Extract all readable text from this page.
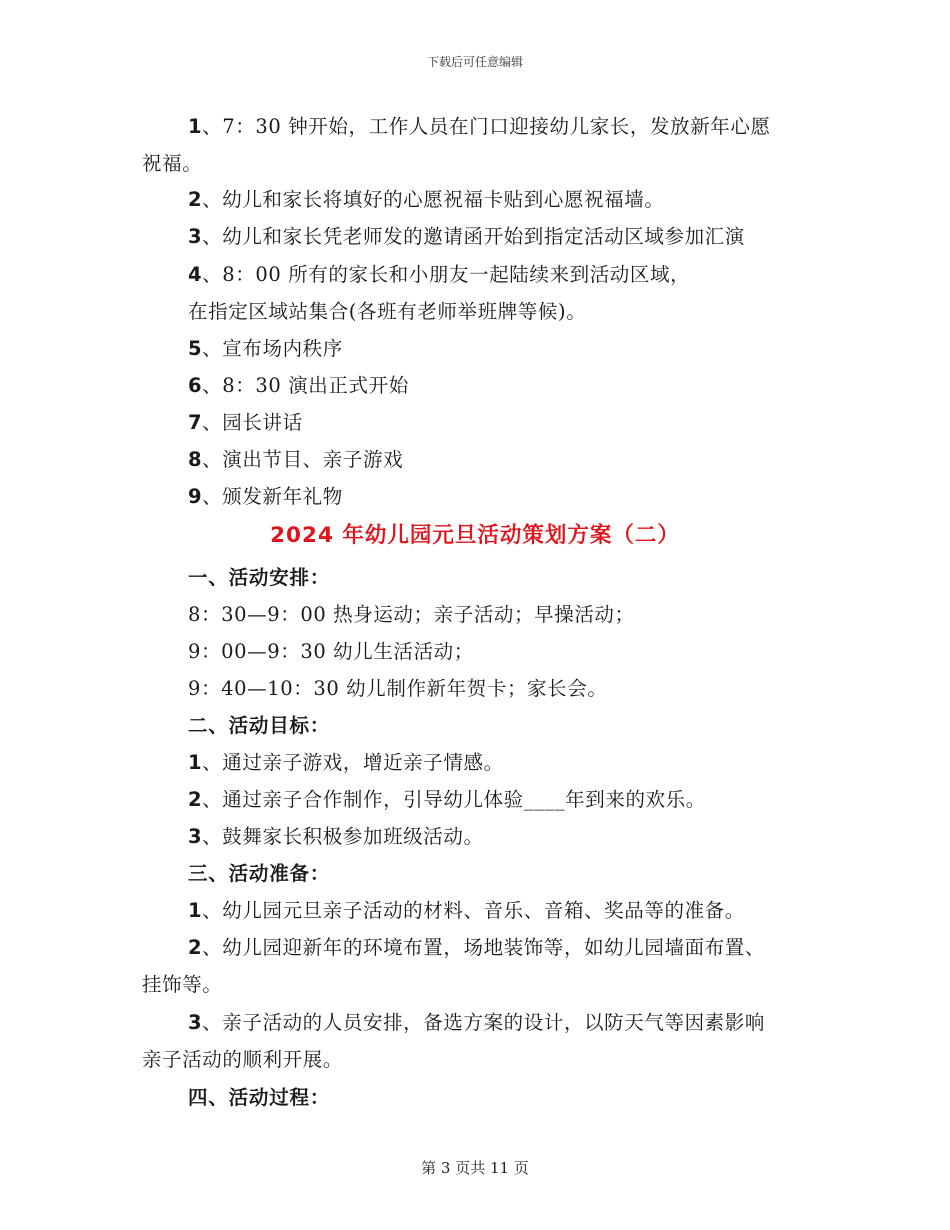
下载后可任意编辑
1、7：30 钟开始，工作人员在门口迎接幼儿家长，发放新年心愿
祝福。
2、幼儿和家长将填好的心愿祝福卡贴到心愿祝福墙。
3、幼儿和家长凭老师发的邀请函开始到指定活动区域参加汇演
4、8：00 所有的家长和小朋友一起陆续来到活动区域，
在指定区域站集合(各班有老师举班牌等候)。
5、宣布场内秩序
6、8：30 演出正式开始
7、园长讲话
8、演出节目、亲子游戏
9、颁发新年礼物
2024 年幼儿园元旦活动策划方案（二）
一、活动安排：
8：30—9：00 热身运动；亲子活动；早操活动；
9：00—9：30 幼儿生活活动；
9：40—10：30 幼儿制作新年贺卡；家长会。
二、活动目标：
1、通过亲子游戏，增近亲子情感。
2、通过亲子合作制作，引导幼儿体验____年到来的欢乐。
3、鼓舞家长积极参加班级活动。
三、活动准备：
1、幼儿园元旦亲子活动的材料、音乐、音箱、奖品等的准备。
2、幼儿园迎新年的环境布置，场地装饰等，如幼儿园墙面布置、
挂饰等。
3、亲子活动的人员安排，备选方案的设计，以防天气等因素影响
亲子活动的顺利开展。
四、活动过程：
第 3 页共 11 页
